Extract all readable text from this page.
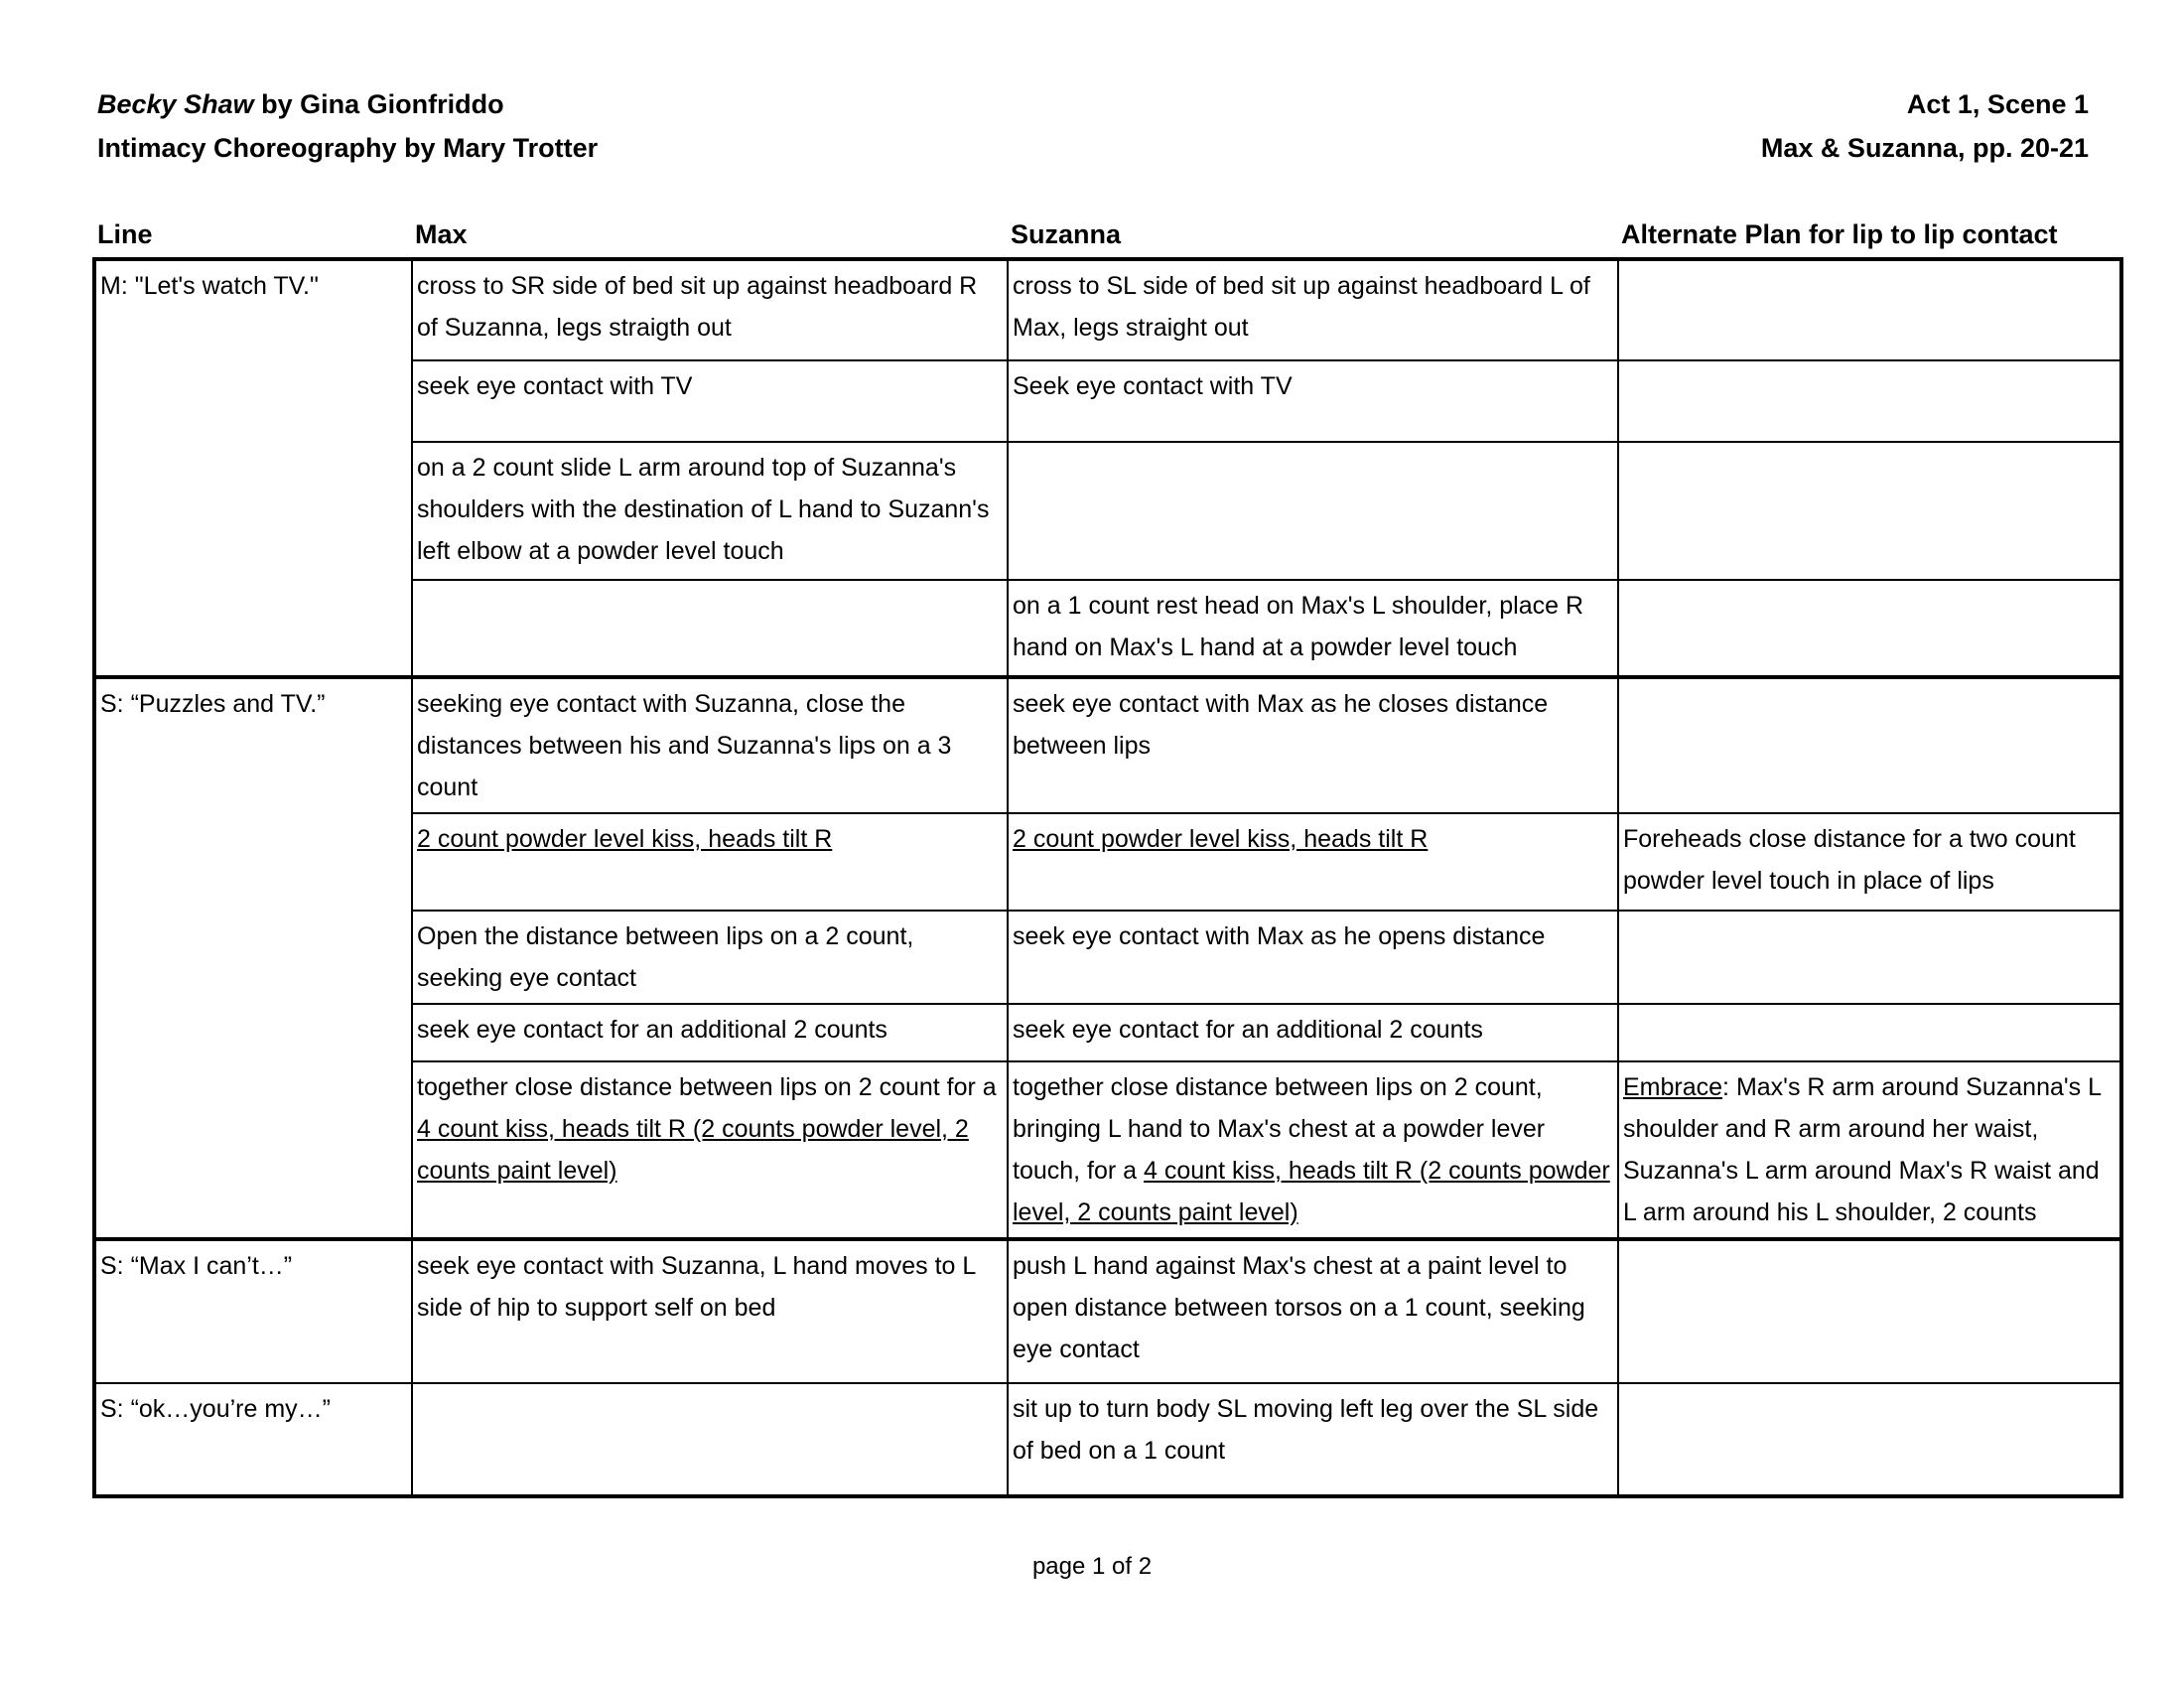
Becky Shaw by Gina Gionfriddo
Intimacy Choreography by Mary Trotter
Act 1, Scene 1
Max & Suzanna, pp. 20-21
Line	Max	Suzanna	Alternate Plan for lip to lip contact
M: "Let's watch TV."	cross to SR side of bed sit up against headboard R of Suzanna, legs straigth out	cross to SL side of bed sit up against headboard L of Max, legs straight out	
	seek eye contact with TV	Seek eye contact with TV	
	on a 2 count slide L arm around top of Suzanna's shoulders with the destination of L hand to Suzann's left elbow at a powder level touch		
		on a 1 count rest head on Max's L shoulder, place R hand on Max's L hand at a powder level touch	
S: “Puzzles and TV.”	seeking eye contact with Suzanna, close the distances between his and Suzanna's lips on a 3 count	seek eye contact with Max as he closes distance between lips	
	2 count powder level kiss, heads tilt R	2 count powder level kiss, heads tilt R	Foreheads close distance for a two count powder level touch in place of lips
	Open the distance between lips on a 2 count, seeking eye contact	seek eye contact with Max as he opens distance	
	seek eye contact for an additional 2 counts	seek eye contact for an additional 2 counts	
	together close distance between lips on 2 count for a 4 count kiss, heads tilt R (2 counts powder level, 2 counts paint level)	together close distance between lips on 2 count, bringing L hand to Max's chest at a powder lever touch, for a 4 count kiss, heads tilt R (2 counts powder level, 2 counts paint level)	Embrace: Max's R arm around Suzanna's L shoulder and R arm around her waist, Suzanna's L arm around Max's R waist and L arm around his L shoulder, 2 counts
S: “Max I can’t…”	seek eye contact with Suzanna, L hand moves to L side of hip to support self on bed	push L hand against Max's chest at a paint level to open distance between torsos on a 1 count, seeking eye contact	
S: “ok…you’re my…”		sit up to turn body SL moving left leg over the SL side of bed on a 1 count	
page 1 of 2
